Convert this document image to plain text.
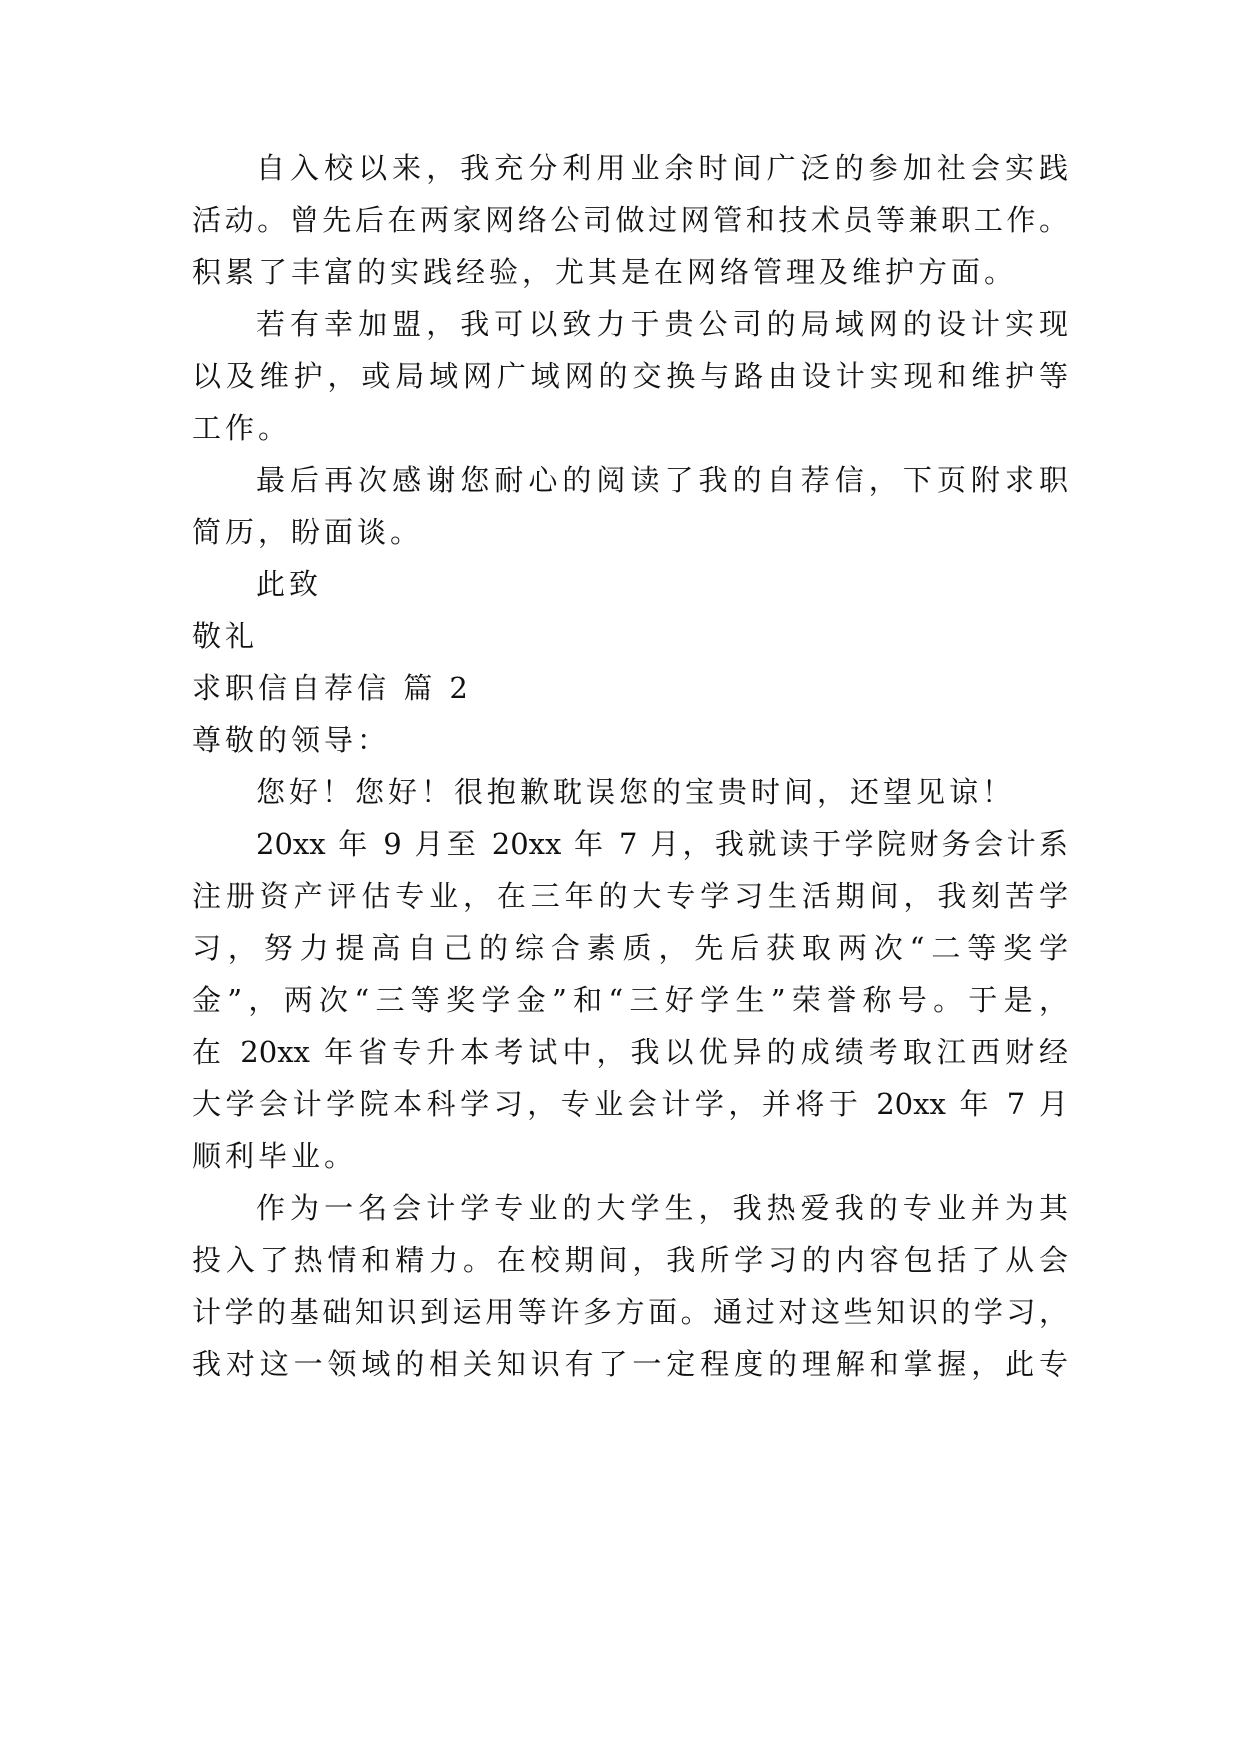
自入校以来，我充分利用业余时间广泛的参加社会实践
活动。曾先后在两家网络公司做过网管和技术员等兼职工作。
积累了丰富的实践经验，尤其是在网络管理及维护方面。
若有幸加盟，我可以致力于贵公司的局域网的设计实现
以及维护，或局域网广域网的交换与路由设计实现和维护等
工作。
最后再次感谢您耐心的阅读了我的自荐信，下页附求职
简历，盼面谈。
此致
敬礼
求职信自荐信 篇 2
尊敬的领导：
您好！您好！很抱歉耽误您的宝贵时间，还望见谅！
20xx 年 9 月至 20xx 年 7 月，我就读于学院财务会计系
注册资产评估专业，在三年的大专学习生活期间，我刻苦学
习，努力提高自己的综合素质，先后获取两次“二等奖学
金”，两次“三等奖学金”和“三好学生”荣誉称号。于是，
在 20xx 年省专升本考试中，我以优异的成绩考取江西财经
大学会计学院本科学习，专业会计学，并将于 20xx 年 7 月
顺利毕业。
作为一名会计学专业的大学生，我热爱我的专业并为其
投入了热情和精力。在校期间，我所学习的内容包括了从会
计学的基础知识到运用等许多方面。通过对这些知识的学习，
我对这一领域的相关知识有了一定程度的理解和掌握，此专
